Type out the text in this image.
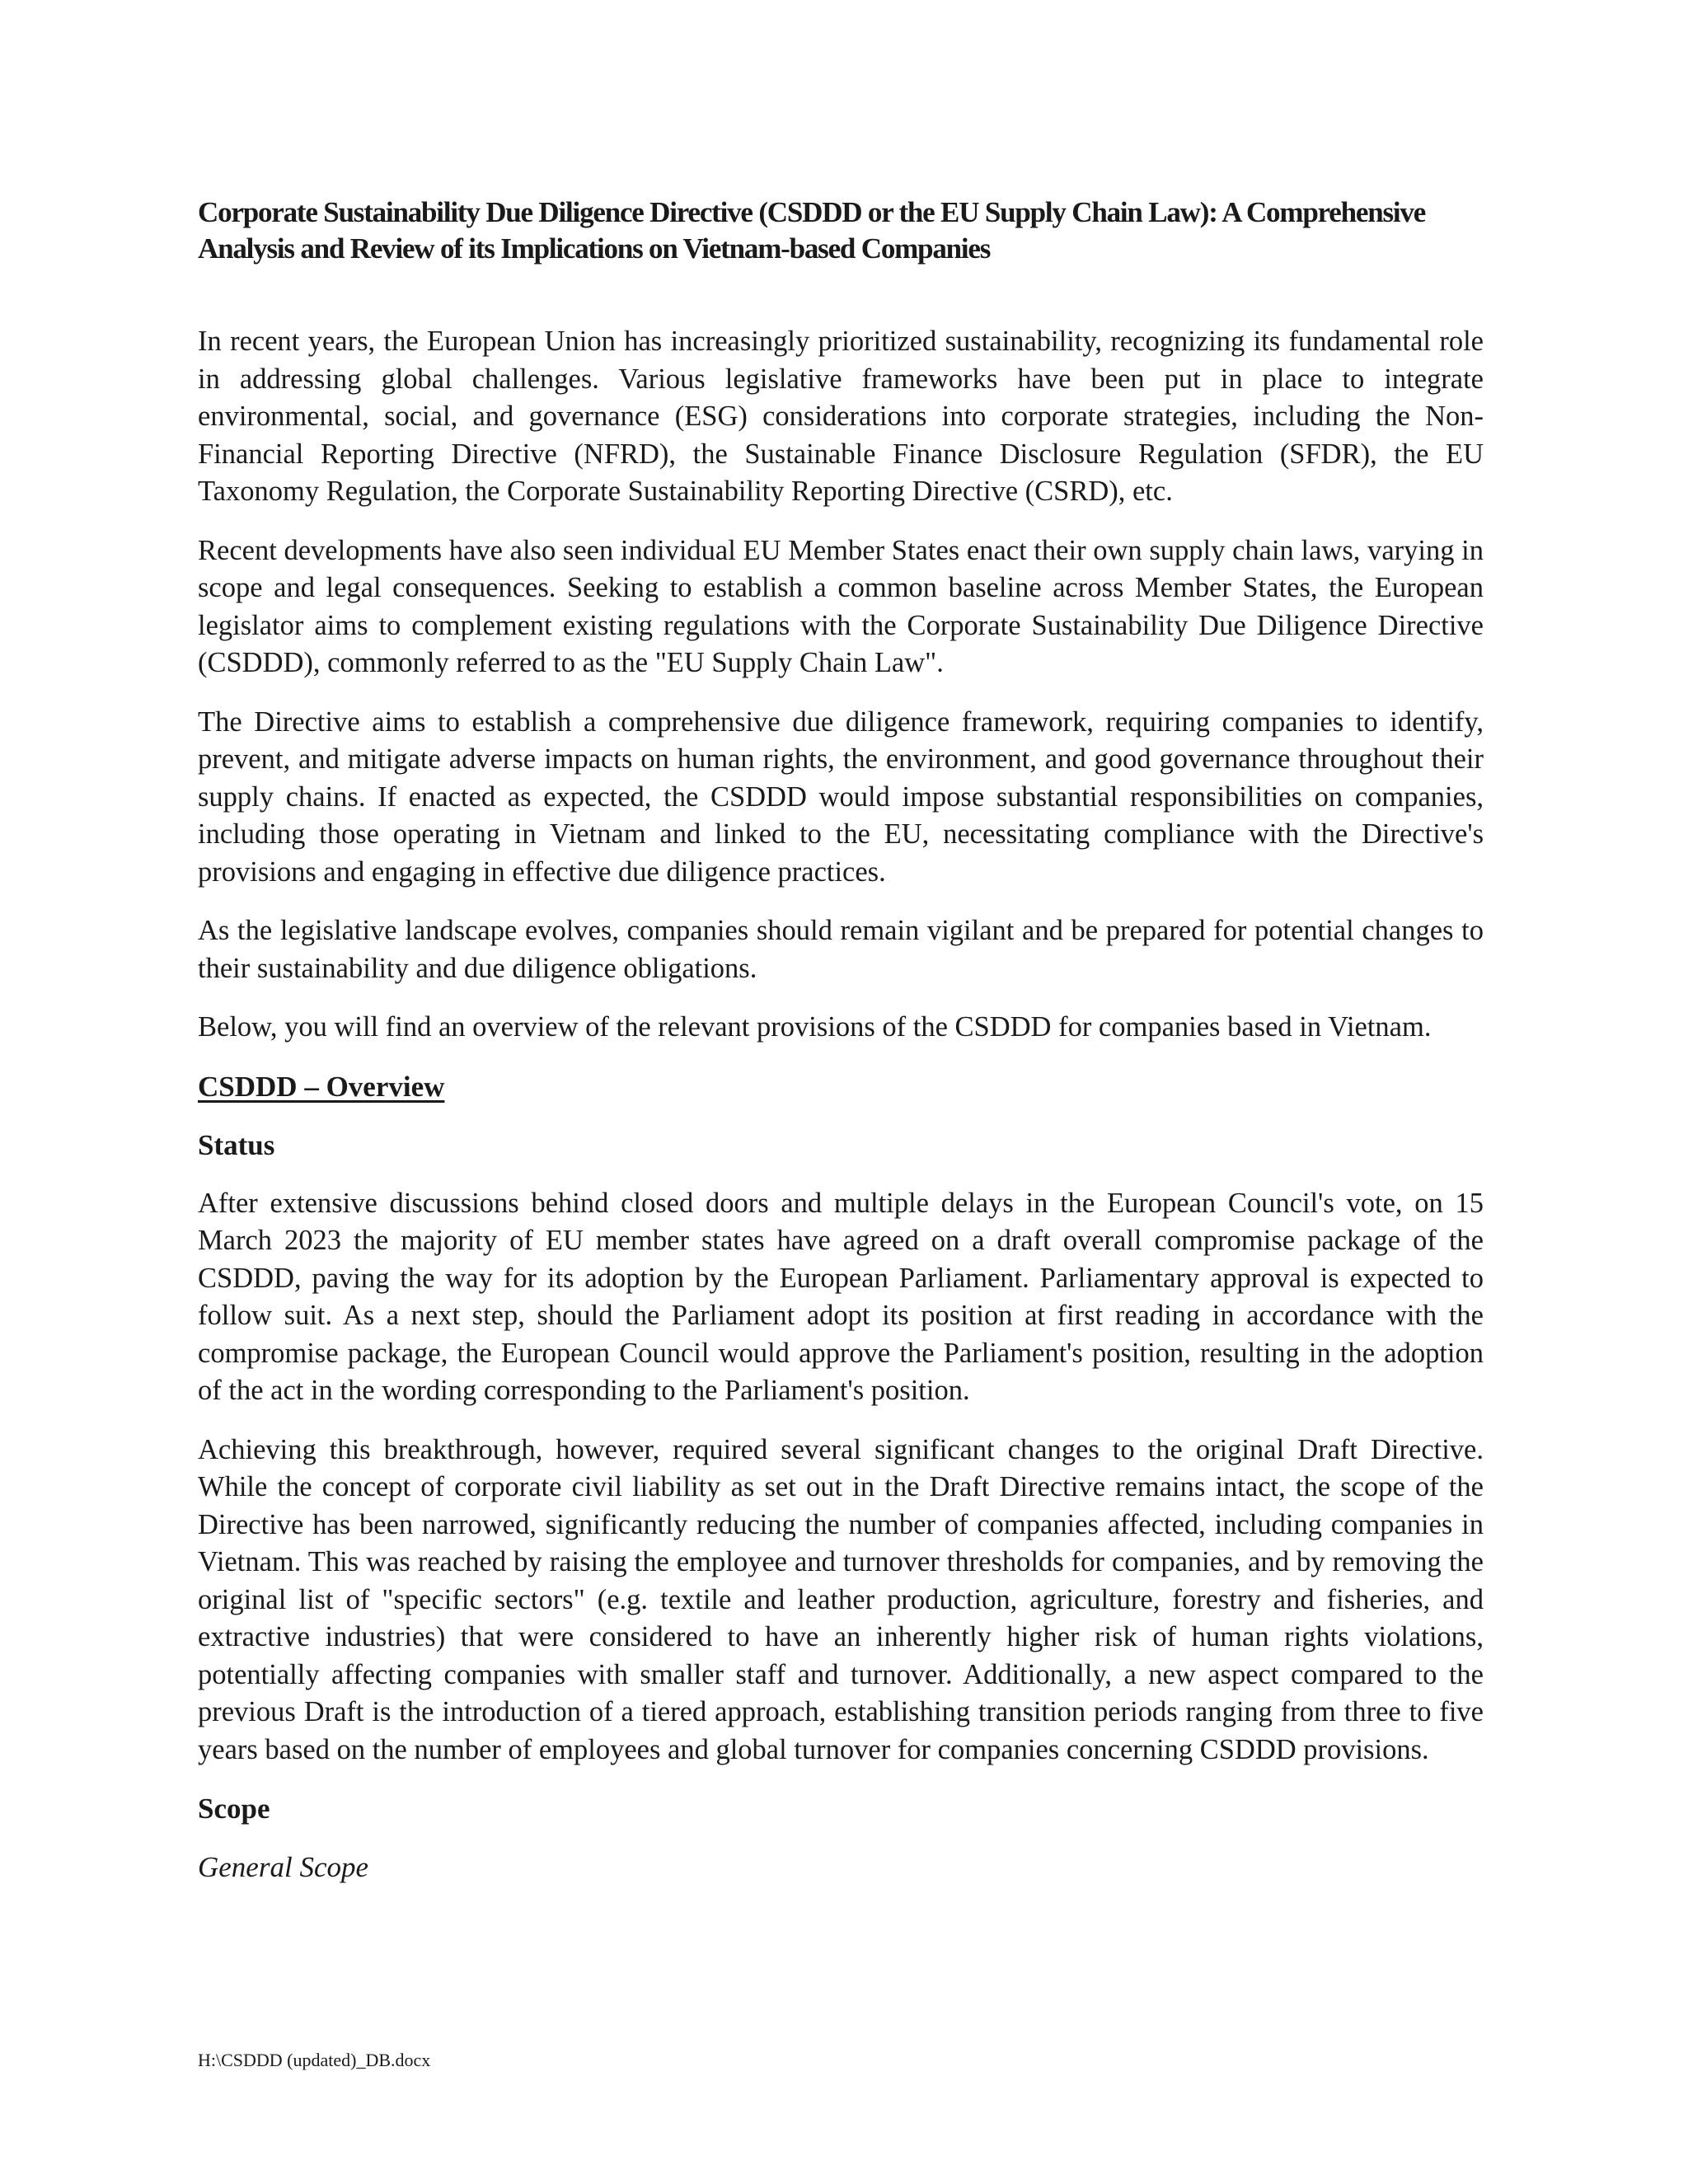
Corporate Sustainability Due Diligence Directive (CSDDD or the EU Supply Chain Law): A Comprehensive Analysis and Review of its Implications on Vietnam-based Companies

In recent years, the European Union has increasingly prioritized sustainability, recognizing its fundamental role in addressing global challenges. Various legislative frameworks have been put in place to integrate environmental, social, and governance (ESG) considerations into corporate strategies, including the Non-Financial Reporting Directive (NFRD), the Sustainable Finance Disclosure Regulation (SFDR), the EU Taxonomy Regulation, the Corporate Sustainability Reporting Directive (CSRD), etc.

Recent developments have also seen individual EU Member States enact their own supply chain laws, varying in scope and legal consequences. Seeking to establish a common baseline across Member States, the European legislator aims to complement existing regulations with the Corporate Sustainability Due Diligence Directive (CSDDD), commonly referred to as the "EU Supply Chain Law".

The Directive aims to establish a comprehensive due diligence framework, requiring companies to identify, prevent, and mitigate adverse impacts on human rights, the environment, and good governance throughout their supply chains. If enacted as expected, the CSDDD would impose substantial responsibilities on companies, including those operating in Vietnam and linked to the EU, necessitating compliance with the Directive's provisions and engaging in effective due diligence practices.

As the legislative landscape evolves, companies should remain vigilant and be prepared for potential changes to their sustainability and due diligence obligations.

Below, you will find an overview of the relevant provisions of the CSDDD for companies based in Vietnam.

CSDDD – Overview
Status

After extensive discussions behind closed doors and multiple delays in the European Council's vote, on 15 March 2023 the majority of EU member states have agreed on a draft overall compromise package of the CSDDD, paving the way for its adoption by the European Parliament. Parliamentary approval is expected to follow suit. As a next step, should the Parliament adopt its position at first reading in accordance with the compromise package, the European Council would approve the Parliament's position, resulting in the adoption of the act in the wording corresponding to the Parliament's position.

Achieving this breakthrough, however, required several significant changes to the original Draft Directive. While the concept of corporate civil liability as set out in the Draft Directive remains intact, the scope of the Directive has been narrowed, significantly reducing the number of companies affected, including companies in Vietnam. This was reached by raising the employee and turnover thresholds for companies, and by removing the original list of "specific sectors" (e.g. textile and leather production, agriculture, forestry and fisheries, and extractive industries) that were considered to have an inherently higher risk of human rights violations, potentially affecting companies with smaller staff and turnover. Additionally, a new aspect compared to the previous Draft is the introduction of a tiered approach, establishing transition periods ranging from three to five years based on the number of employees and global turnover for companies concerning CSDDD provisions.

Scope
General Scope
H:\CSDDD (updated)_DB.docx
